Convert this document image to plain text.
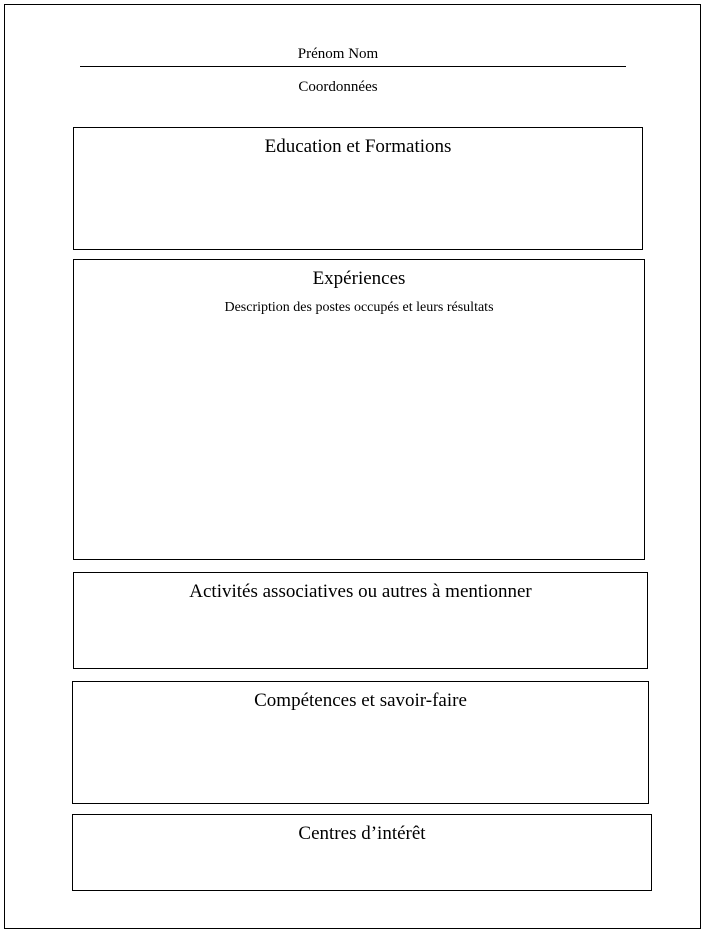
Prénom Nom
Coordonnées
Education et Formations
Expériences
Description des postes occupés et leurs résultats
Activités associatives ou autres à mentionner
Compétences et savoir-faire
Centres d’intérêt
